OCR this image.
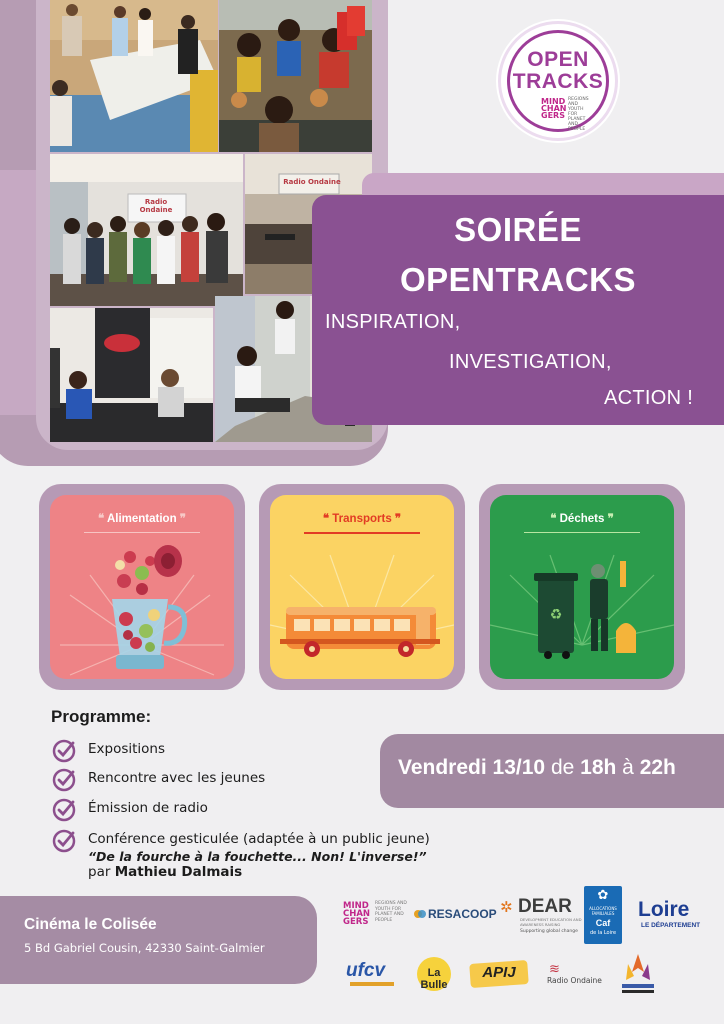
Radio Ondaine
Radio Ondaine
OPEN
TRACKS
MIND CHAN GERS
REGIONS AND YOUTH FOR PLANET AND PEOPLE
SOIRÉE
OPENTRACKS
INSPIRATION,
INVESTIGATION,
ACTION !
❝ Alimentation ❞	❝ Transports ❞	❝ Déchets ❞
♻
Programme:
Expositions
Rencontre avec les jeunes
Émission de radio
Conférence gesticulée (adaptée à un public jeune)
“De la fourche à la fouchette... Non! L'inverse!”
par Mathieu Dalmais
Vendredi 13/10 de 18h à 22h
Cinéma le Colisée
5 Bd Gabriel Cousin, 42330 Saint-Galmier
MIND CHAN GERS
REGIONS AND YOUTH FOR PLANET AND PEOPLE	RESACOOP ✲ DEAR
DEVELOPMENT EDUCATION AND AWARENESS RAISING
Supporting global change
✿
ALLOCATIONS FAMILIALES
Caf
de la Loire
Loire
LE DÉPARTEMENT
ufcv	La Bulle
APIJ	≋
Radio Ondaine
